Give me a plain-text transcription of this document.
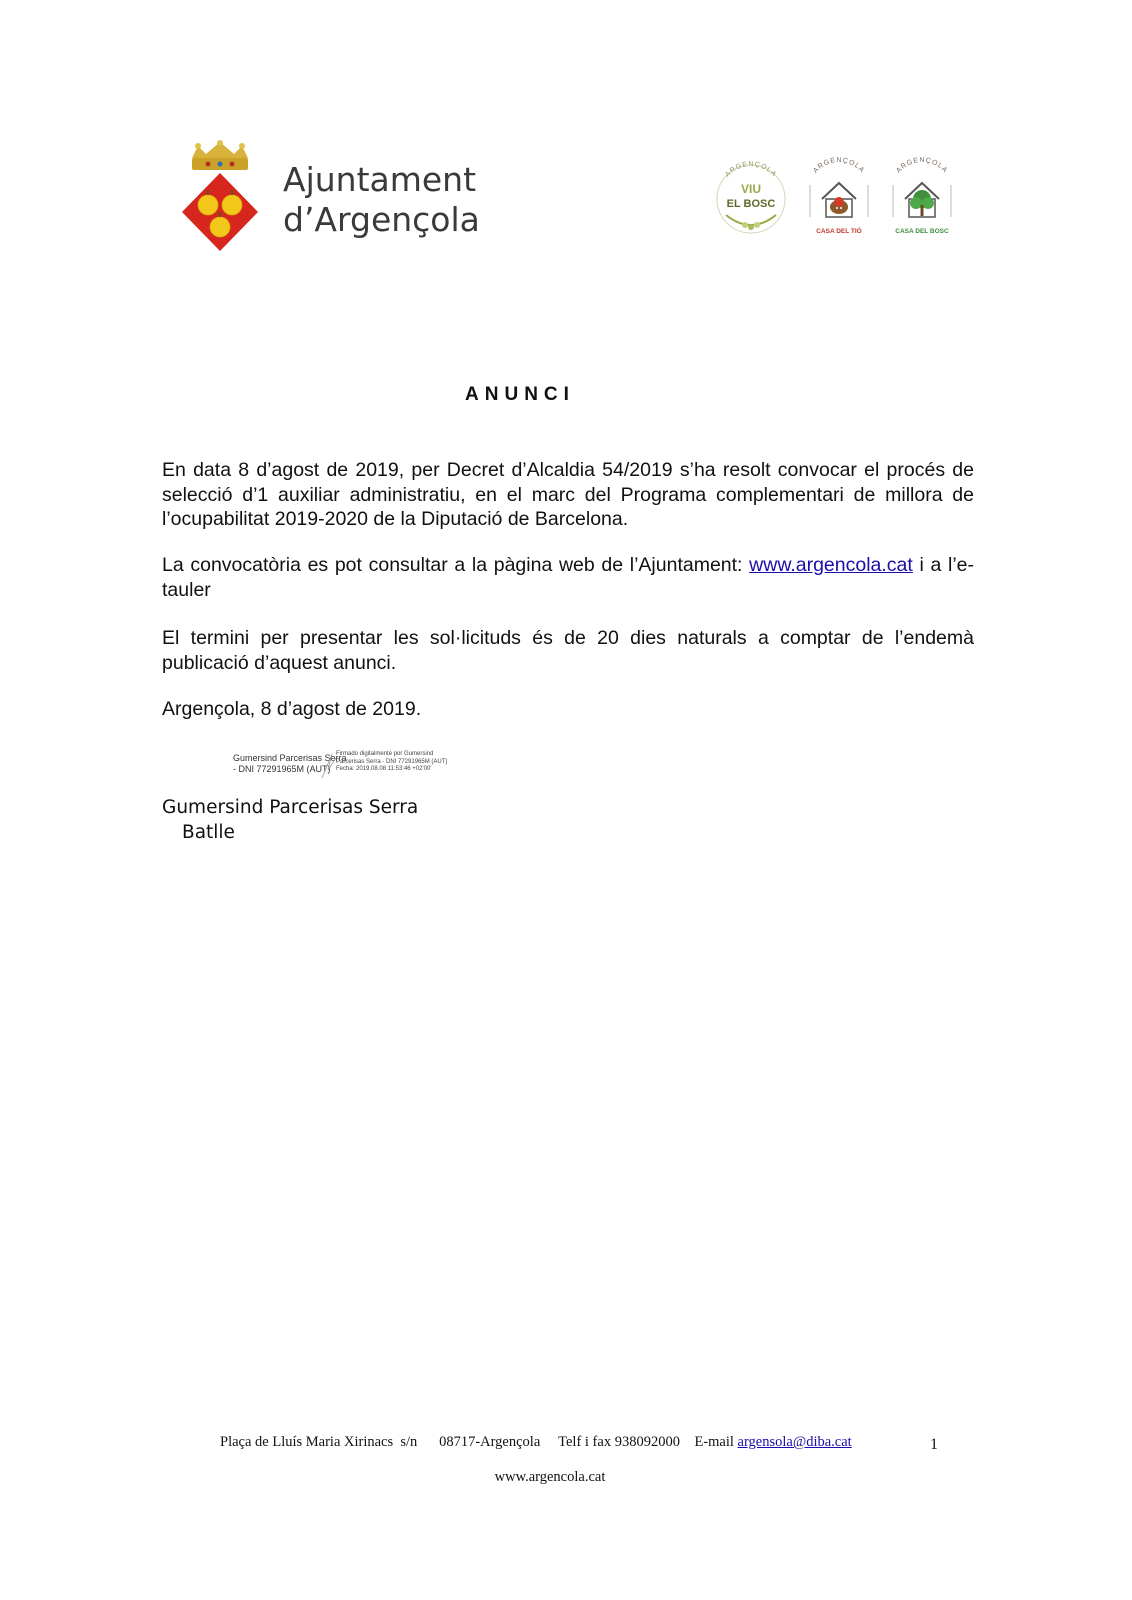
Ajuntament
d’Argençola
ARGENÇOLA
VIU
EL BOSC
ARGENÇOLA
CASA DEL TIÓ
ARGENÇOLA
CASA DEL BOSC
ANUNCI
En data 8 d’agost de 2019, per Decret d’Alcaldia 54/2019 s’ha resolt convocar el procés de selecció d’1 auxiliar administratiu, en el marc del Programa complementari de millora de l’ocupabilitat 2019-2020 de la Diputació de Barcelona.
La convocatòria es pot consultar a la pàgina web de l’Ajuntament: www.argencola.cat i a l’e-tauler
El termini per presentar les sol·licituds és de 20 dies naturals a comptar de l’endemà publicació d’aquest anunci.
Argençola, 8 d’agost de 2019.
Gumersind Parcerisas Serra
- DNI 77291965M (AUT)
Firmado digitalmente por Gumersind
Parcerisas Serra - DNI 77291965M (AUT)
Fecha: 2019.08.08 11:53:46 +02'00'
Gumersind Parcerisas Serra
Batlle
Plaça de Lluís Maria Xirinacs  s/n 08717-Argençola Telf i fax 938092000 E-mail argensola@diba.cat	1
www.argencola.cat
